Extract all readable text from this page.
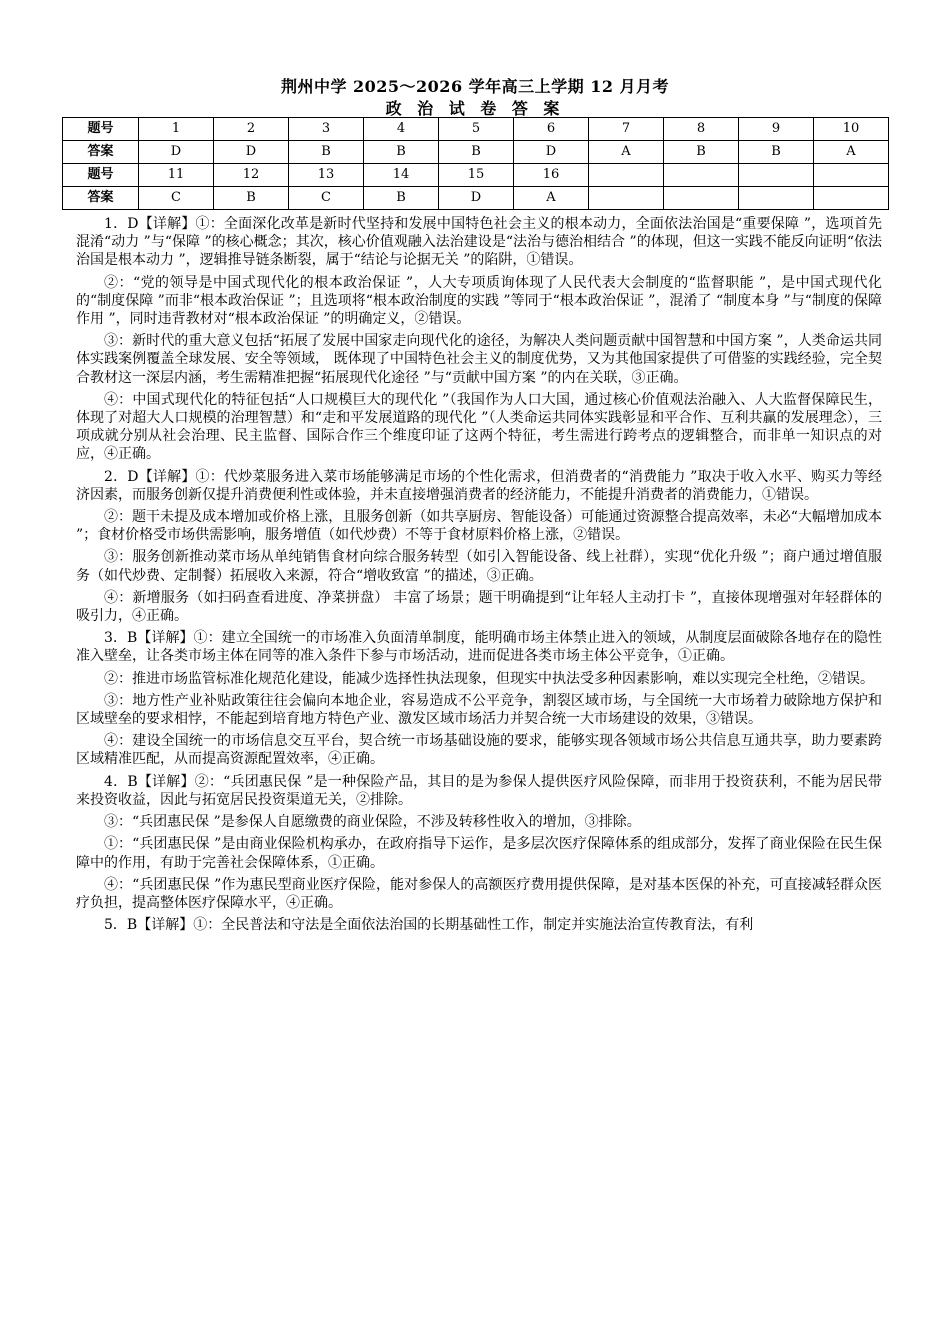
荆州中学 2025～2026 学年高三上学期 12 月月考
政 治 试 卷 答 案
题号	1	2	3	4	5	6	7	8	9	10
答案	D	D	B	B	B	D	A	B	B	A
题号	11	12	13	14	15	16				
答案	C	B	C	B	D	A				

1．D【详解】①：全面深化改革是新时代坚持和发展中国特色社会主义的根本动力，全面依法治国是“重要保障 ”，选项首先混淆“动力 ”与“保障 ”的核心概念；其次，核心价值观融入法治建设是“法治与德治相结合 ”的体现，但这一实践不能反向证明“依法治国是根本动力 ”，逻辑推导链条断裂，属于“结论与论据无关 ”的陷阱，①错误。

②：“党的领导是中国式现代化的根本政治保证 ”，人大专项质询体现了人民代表大会制度的“监督职能 ”，是中国式现代化的“制度保障 ”而非“根本政治保证 ”；且选项将“根本政治制度的实践 ”等同于“根本政治保证 ”，混淆了 “制度本身 ”与“制度的保障作用 ”，同时违背教材对“根本政治保证 ”的明确定义，②错误。

③：新时代的重大意义包括“拓展了发展中国家走向现代化的途径，为解决人类问题贡献中国智慧和中国方案 ”，人类命运共同体实践案例覆盖全球发展、安全等领域， 既体现了中国特色社会主义的制度优势，又为其他国家提供了可借鉴的实践经验，完全契合教材这一深层内涵，考生需精准把握“拓展现代化途径 ”与“贡献中国方案 ”的内在关联，③正确。

④：中国式现代化的特征包括“人口规模巨大的现代化 ”（我国作为人口大国，通过核心价值观法治融入、人大监督保障民生，体现了对超大人口规模的治理智慧）和“走和平发展道路的现代化 ”（人类命运共同体实践彰显和平合作、互利共赢的发展理念），三项成就分别从社会治理、民主监督、国际合作三个维度印证了这两个特征，考生需进行跨考点的逻辑整合，而非单一知识点的对应，④正确。

2．D【详解】①：代炒菜服务进入菜市场能够满足市场的个性化需求，但消费者的“消费能力 ”取决于收入水平、购买力等经济因素，而服务创新仅提升消费便利性或体验，并未直接增强消费者的经济能力，不能提升消费者的消费能力，①错误。

②：题干未提及成本增加或价格上涨，且服务创新（如共享厨房、智能设备）可能通过资源整合提高效率，未必“大幅增加成本 ”；食材价格受市场供需影响，服务增值（如代炒费）不等于食材原料价格上涨，②错误。

③：服务创新推动菜市场从单纯销售食材向综合服务转型（如引入智能设备、线上社群），实现“优化升级 ”；商户通过增值服务（如代炒费、定制餐）拓展收入来源，符合“增收致富 ”的描述，③正确。

④：新增服务（如扫码查看进度、净菜拼盘） 丰富了场景；题干明确提到“让年轻人主动打卡 ”，直接体现增强对年轻群体的吸引力，④正确。

3．B【详解】①：建立全国统一的市场准入负面清单制度，能明确市场主体禁止进入的领域，从制度层面破除各地存在的隐性准入壁垒，让各类市场主体在同等的准入条件下参与市场活动，进而促进各类市场主体公平竞争，①正确。

②：推进市场监管标准化规范化建设，能减少选择性执法现象，但现实中执法受多种因素影响，难以实现完全杜绝，②错误。

③：地方性产业补贴政策往往会偏向本地企业，容易造成不公平竞争，割裂区域市场，与全国统一大市场着力破除地方保护和区域壁垒的要求相悖，不能起到培育地方特色产业、激发区域市场活力并契合统一大市场建设的效果，③错误。

④：建设全国统一的市场信息交互平台，契合统一市场基础设施的要求，能够实现各领域市场公共信息互通共享，助力要素跨区域精准匹配，从而提高资源配置效率，④正确。

4．B【详解】②：“兵团惠民保 ”是一种保险产品，其目的是为参保人提供医疗风险保障，而非用于投资获利，不能为居民带来投资收益，因此与拓宽居民投资渠道无关，②排除。

③：“兵团惠民保 ”是参保人自愿缴费的商业保险，不涉及转移性收入的增加，③排除。

①：“兵团惠民保 ”是由商业保险机构承办，在政府指导下运作，是多层次医疗保障体系的组成部分，发挥了商业保险在民生保障中的作用，有助于完善社会保障体系，①正确。

④：“兵团惠民保 ”作为惠民型商业医疗保险，能对参保人的高额医疗费用提供保障，是对基本医保的补充，可直接减轻群众医疗负担，提高整体医疗保障水平，④正确。

5．B【详解】①：全民普法和守法是全面依法治国的长期基础性工作，制定并实施法治宣传教育法，有利
